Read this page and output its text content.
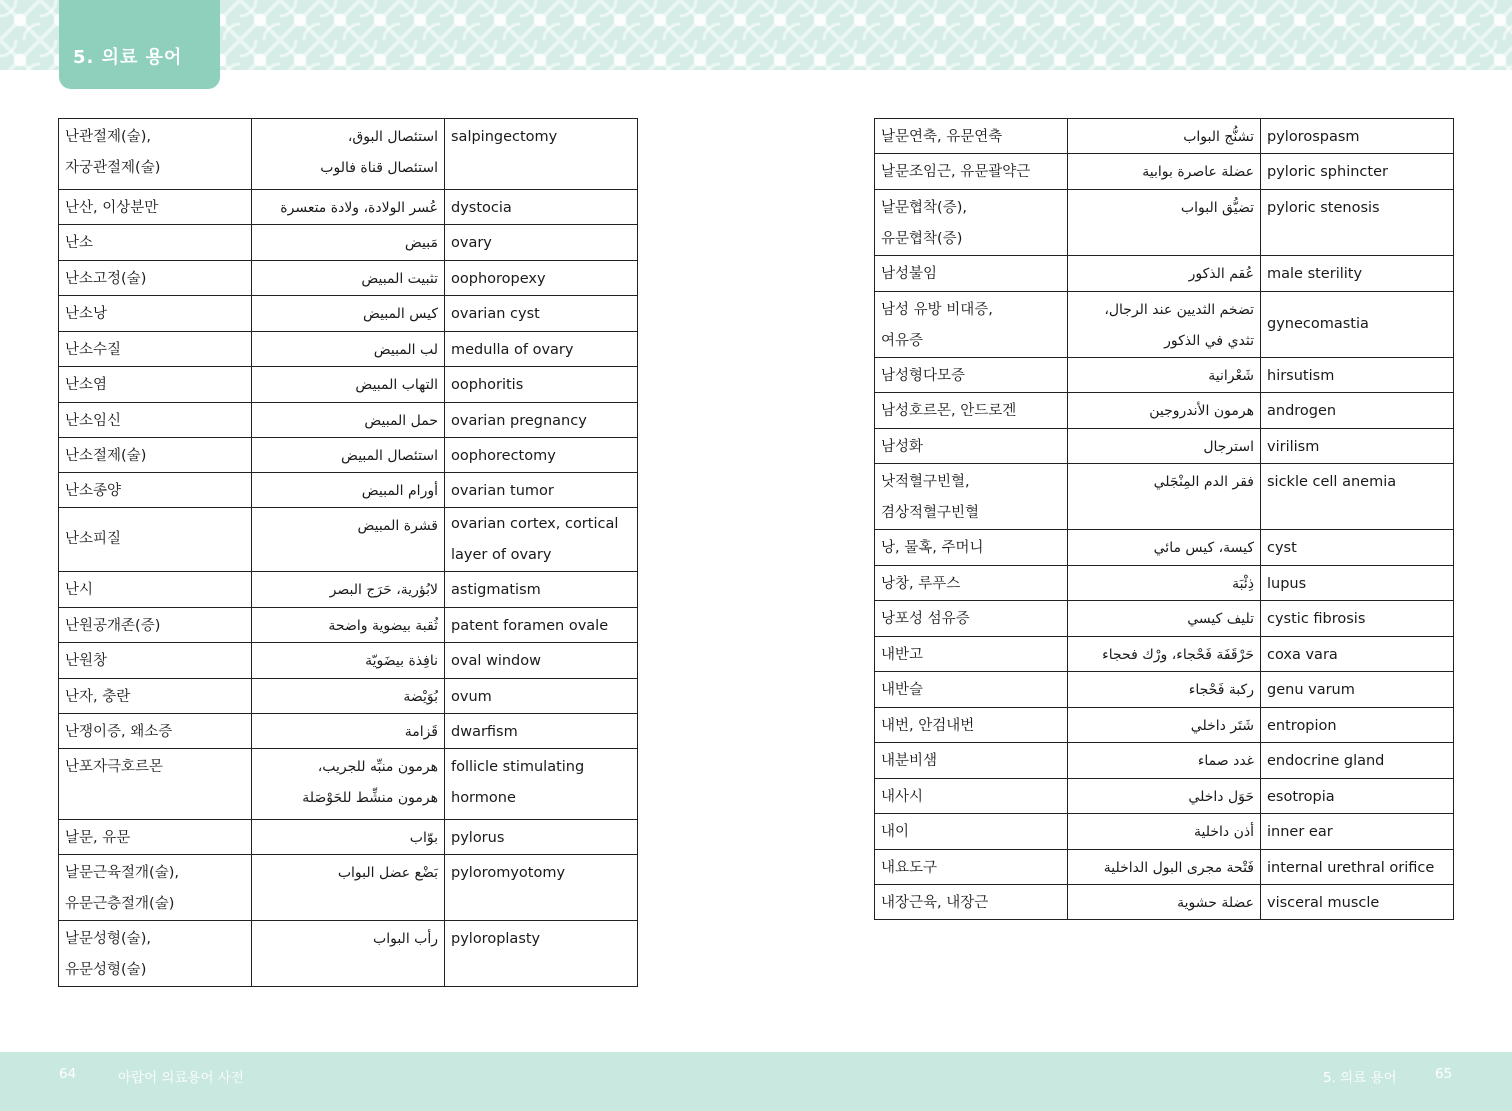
5. 의료 용어
난관절제(술),
자궁관절제(술)	استئصال البوق،
استئصال قناة فالوب	salpingectomy

난산, 이상분만	عُسر الولادة، ولادة متعسرة	dystocia

난소	مَبيض	ovary

난소고정(술)	تثبيت المبيض	oophoropexy

난소낭	كيس المبيض	ovarian cyst

난소수질	لب المبيض	medulla of ovary

난소염	التهاب المبيض	oophoritis

난소임신	حمل المبيض	ovarian pregnancy

난소절제(술)	استئصال المبيض	oophorectomy

난소종양	أورام المبيض	ovarian tumor

난소피질	قشرة المبيض	ovarian cortex, cortical
layer of ovary

난시	لابُؤرية، حَرَج البصر	astigmatism

난원공개존(증)	ثُقبة بيضوية واضحة	patent foramen ovale

난원창	نافِذة بيضَويّة	oval window

난자, 충란	بُوَيْضة	ovum

난쟁이증, 왜소증	قَزامة	dwarfism

난포자극호르몬	هرمون منبِّه للجريب،
هرمون منشِّط للحَوْصَلة	follicle stimulating
hormone

날문, 유문	بوّاب	pylorus

날문근육절개(술),
유문근층절개(술)	بَضْع عضل البواب	pyloromyotomy

날문성형(술),
유문성형(술)	رأب البواب	pyloroplasty
날문연축, 유문연축	تشنُّج البواب	pylorospasm

날문조임근, 유문괄약근	عضلة عاصرة بوابية	pyloric sphincter

날문협착(증),
유문협착(증)	تضيُّق البواب	pyloric stenosis

남성불임	عُقم الذكور	male sterility

남성 유방 비대증,
여유증	تضخم الثديين عند الرجال،
تثدي في الذكور	gynecomastia

남성형다모증	شَعْرانية	hirsutism

남성호르몬, 안드로겐	هرمون الأندروجين	androgen

남성화	استرجال	virilism

낫적혈구빈혈,
겸상적혈구빈혈	فقر الدم المِنْجَلي	sickle cell anemia

낭, 물혹, 주머니	كيسة، كيس مائي	cyst

낭창, 루푸스	ذِئْبَة	lupus

낭포성 섬유증	تليف كيسي	cystic fibrosis

내반고	حَرْقَفَة فَحْجاء، ورْك فحجاء	coxa vara

내반슬	ركبة فَحْجاء	genu varum

내번, 안검내번	شَتَر داخلي	entropion

내분비샘	غدد صماء	endocrine gland

내사시	حَوَل داخلي	esotropia

내이	أذن داخلية	inner ear

내요도구	فَتْحة مجرى البول الداخلية	internal urethral orifice

내장근육, 내장근	عضلة حشوية	visceral muscle
64	아랍어 의료용어 사전	5. 의료 용어	65
